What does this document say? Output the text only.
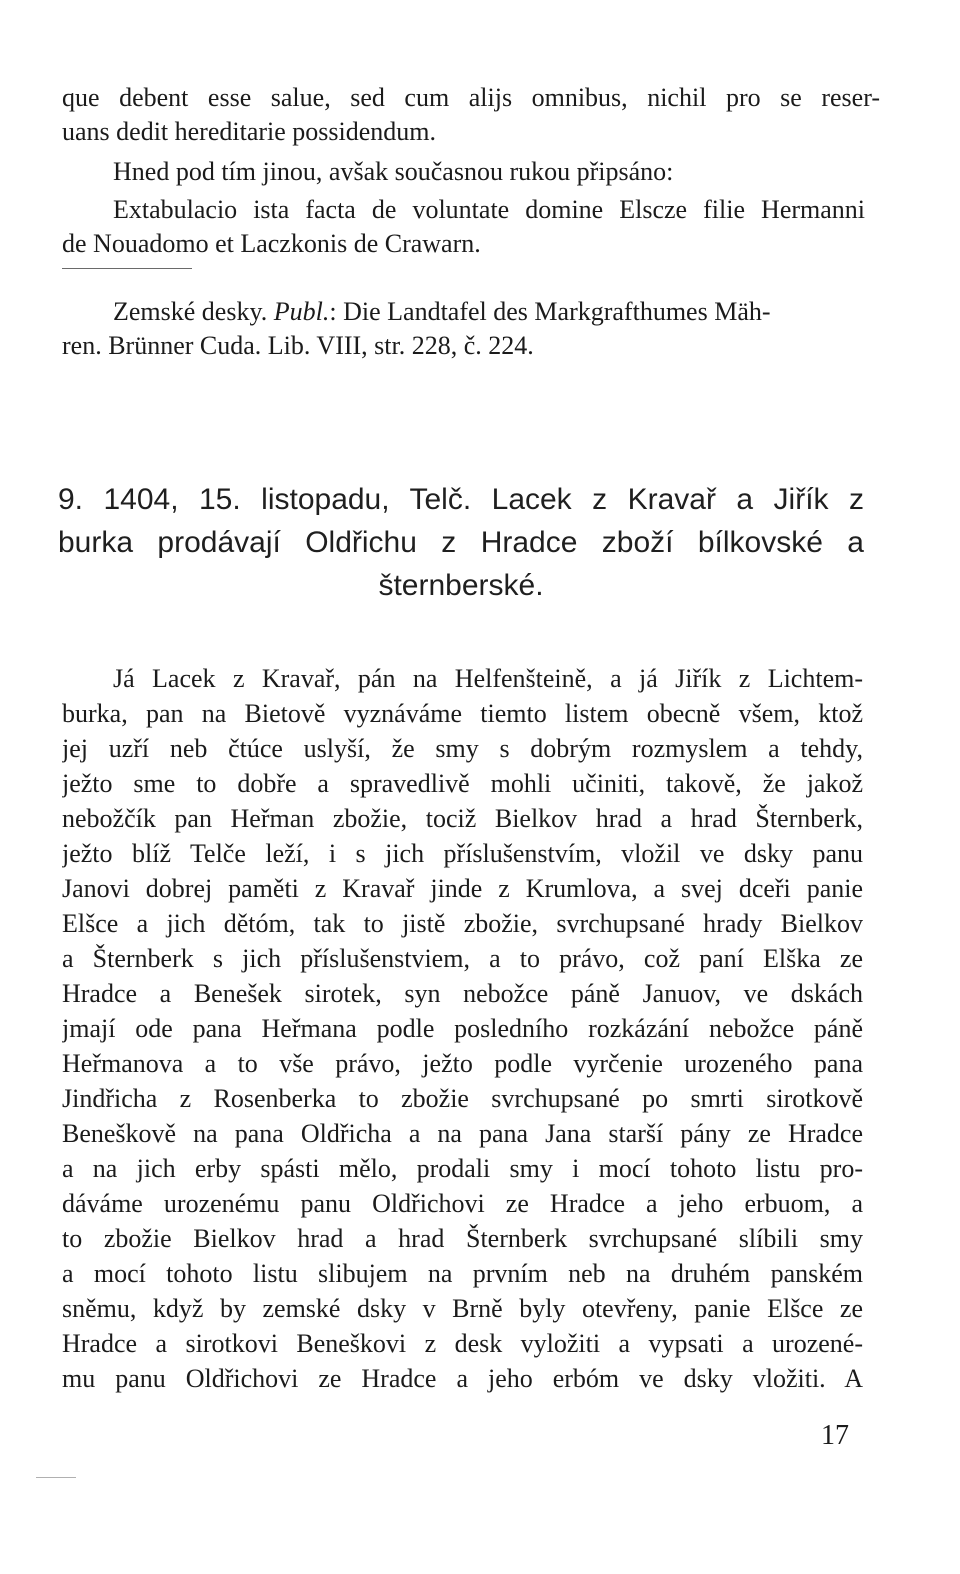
que debent esse salue, sed cum alijs omnibus, nichil pro se reser-
uans dedit hereditarie possidendum.
Hned pod tím jinou, avšak současnou rukou připsáno:
Extabulacio ista facta de voluntate domine Elscze filie Hermanni
de Nouadomo et Laczkonis de Crawarn.
Zemské desky. Publ.: Die Landtafel des Markgrafthumes Mäh-
ren. Brünner Cuda. Lib. VIII, str. 228, č. 224.
9. 1404, 15. listopadu, Telč. Lacek z Kravař a Jiřík z
burka prodávají Oldřichu z Hradce zboží bílkovské a
šternberské.
Já Lacek z Kravař, pán na Helfenšteině, a já Jiřík z Lichtem-
burka, pan na Bietově vyznáváme tiemto listem obecně všem, ktož
jej uzří neb čtúce uslyší, že smy s dobrým rozmyslem a tehdy,
ježto sme to dobře a spravedlivě mohli učiniti, takově, že jakož
nebožčík pan Heřman zbožie, tociž Bielkov hrad a hrad Šternberk,
ježto blíž Telče leží, i s jich příslušenstvím, vložil ve dsky panu
Janovi dobrej paměti z Kravař jinde z Krumlova, a svej dceři panie
Elšce a jich dětóm, tak to jistě zbožie, svrchupsané hrady Bielkov
a Šternberk s jich příslušenstviem, a to právo, což paní Elška ze
Hradce a Benešek sirotek, syn nebožce páně Januov, ve dskách
jmají ode pana Heřmana podle posledního rozkázání nebožce páně
Heřmanova a to vše právo, ježto podle vyrčenie urozeného pana
Jindřicha z Rosenberka to zbožie svrchupsané po smrti sirotkově
Beneškově na pana Oldřicha a na pana Jana starší pány ze Hradce
a na jich erby spásti mělo, prodali smy i mocí tohoto listu pro-
dáváme urozenému panu Oldřichovi ze Hradce a jeho erbuom, a
to zbožie Bielkov hrad a hrad Šternberk svrchupsané slíbili smy
a mocí tohoto listu slibujem na prvním neb na druhém panském
sněmu, když by zemské dsky v Brně byly otevřeny, panie Elšce ze
Hradce a sirotkovi Beneškovi z desk vyložiti a vypsati a urozené-
mu panu Oldřichovi ze Hradce a jeho erbóm ve dsky vložiti. A
17
